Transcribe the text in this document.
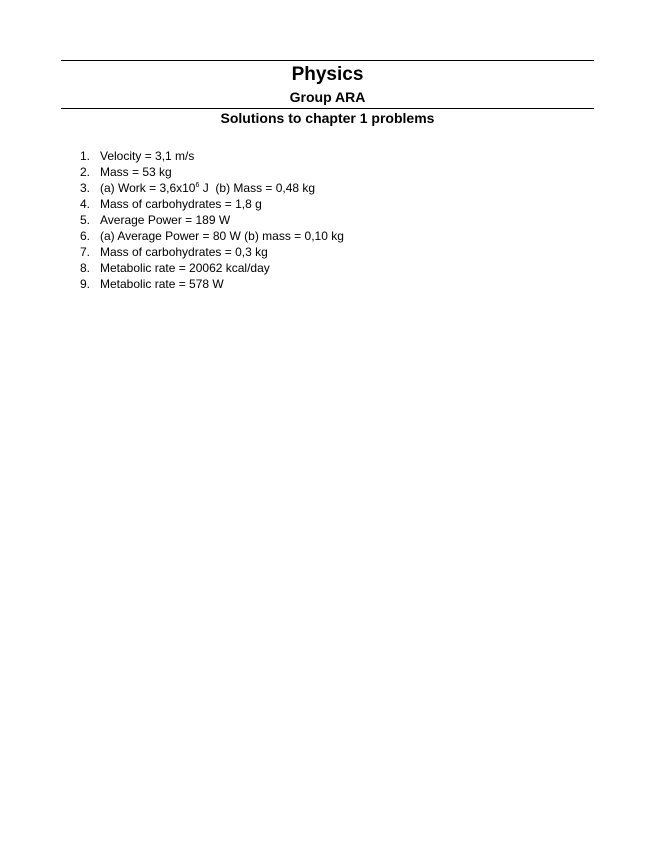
Physics
Group ARA
Solutions to chapter 1 problems
1. Velocity = 3,1 m/s
2. Mass = 53 kg
3. (a) Work = $3,6x10^6$ J  (b) Mass = 0,48 kg
4. Mass of carbohydrates = 1,8 g
5. Average Power = 189 W
6. (a) Average Power = 80 W (b) mass = 0,10 kg
7. Mass of carbohydrates = 0,3 kg
8. Metabolic rate = 20062 kcal/day
9. Metabolic rate = 578 W
